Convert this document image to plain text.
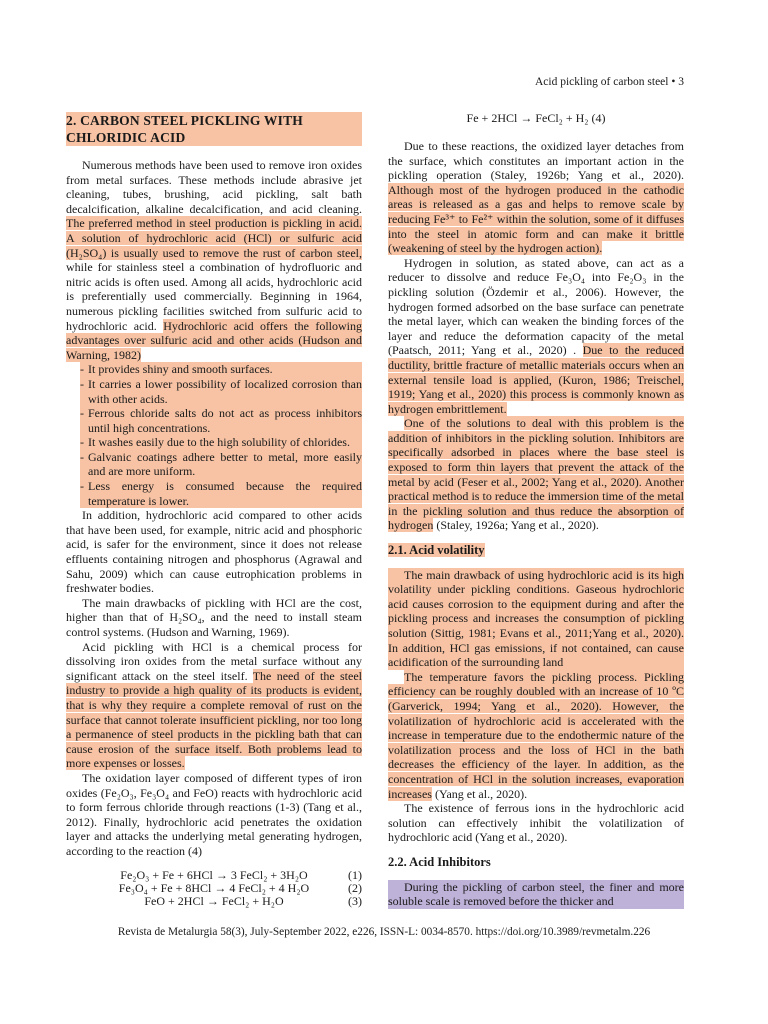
Acid pickling of carbon steel • 3
2. CARBON STEEL PICKLING WITH CHLORIDIC ACID

Numerous methods have been used to remove iron oxides from metal surfaces. These methods include abrasive jet cleaning, tubes, brushing, acid pickling, salt bath decalcification, alkaline decalcification, and acid cleaning. The preferred method in steel production is pickling in acid. A solution of hydrochloric acid (HCl) or sulfuric acid (H₂SO₄) is usually used to remove the rust of carbon steel, while for stainless steel a combination of hydrofluoric and nitric acids is often used. Among all acids, hydrochloric acid is preferentially used commercially. Beginning in 1964, numerous pickling facilities switched from sulfuric acid to hydrochloric acid. Hydrochloric acid offers the following advantages over sulfuric acid and other acids (Hudson and Warning, 1982)

- It provides shiny and smooth surfaces.
- It carries a lower possibility of localized corrosion than with other acids.
- Ferrous chloride salts do not act as process inhibitors until high concentrations.
- It washes easily due to the high solubility of chlorides.
- Galvanic coatings adhere better to metal, more easily and are more uniform.
- Less energy is consumed because the required temperature is lower.

In addition, hydrochloric acid compared to other acids that have been used, for example, nitric acid and phosphoric acid, is safer for the environment, since it does not release effluents containing nitrogen and phosphorus (Agrawal and Sahu, 2009) which can cause eutrophication problems in freshwater bodies.

The main drawbacks of pickling with HCl are the cost, higher than that of H₂SO₄, and the need to install steam control systems. (Hudson and Warning, 1969).

Acid pickling with HCl is a chemical process for dissolving iron oxides from the metal surface without any significant attack on the steel itself. The need of the steel industry to provide a high quality of its products is evident, that is why they require a complete removal of rust on the surface that cannot tolerate insufficient pickling, nor too long a permanence of steel products in the pickling bath that can cause erosion of the surface itself. Both problems lead to more expenses or losses.

The oxidation layer composed of different types of iron oxides (Fe₂O₃, Fe₃O₄ and FeO) reacts with hydrochloric acid to form ferrous chloride through reactions (1-3) (Tang et al., 2012). Finally, hydrochloric acid penetrates the oxidation layer and attacks the underlying metal generating hydrogen, according to the reaction (4)

Fe₂O₃ + Fe + 6HCl → 3 FeCl₂ + 3H₂O	(1)
Fe₃O₄ + Fe + 8HCl → 4 FeCl₂ + 4 H₂O	(2)
FeO + 2HCl → FeCl₂ + H₂O	(3)
Fe + 2HCl → FeCl₂ + H₂ (4)

Due to these reactions, the oxidized layer detaches from the surface, which constitutes an important action in the pickling operation (Staley, 1926b; Yang et al., 2020). Although most of the hydrogen produced in the cathodic areas is released as a gas and helps to remove scale by reducing Fe³⁺ to Fe²⁺ within the solution, some of it diffuses into the steel in atomic form and can make it brittle (weakening of steel by the hydrogen action).

Hydrogen in solution, as stated above, can act as a reducer to dissolve and reduce Fe₃O₄ into Fe₂O₃ in the pickling solution (Özdemir et al., 2006). However, the hydrogen formed adsorbed on the base surface can penetrate the metal layer, which can weaken the binding forces of the layer and reduce the deformation capacity of the metal (Paatsch, 2011; Yang et al., 2020) . Due to the reduced ductility, brittle fracture of metallic materials occurs when an external tensile load is applied, (Kuron, 1986; Treischel, 1919; Yang et al., 2020) this process is commonly known as hydrogen embrittlement.

One of the solutions to deal with this problem is the addition of inhibitors in the pickling solution. Inhibitors are specifically adsorbed in places where the base steel is exposed to form thin layers that prevent the attack of the metal by acid (Feser et al., 2002; Yang et al., 2020). Another practical method is to reduce the immersion time of the metal in the pickling solution and thus reduce the absorption of hydrogen (Staley, 1926a; Yang et al., 2020).

2.1. Acid volatility

The main drawback of using hydrochloric acid is its high volatility under pickling conditions. Gaseous hydrochloric acid causes corrosion to the equipment during and after the pickling process and increases the consumption of pickling solution (Sittig, 1981; Evans et al., 2011;Yang et al., 2020). In addition, HCl gas emissions, if not contained, can cause acidification of the surrounding land

The temperature favors the pickling process. Pickling efficiency can be roughly doubled with an increase of 10 ºC (Garverick, 1994; Yang et al., 2020). However, the volatilization of hydrochloric acid is accelerated with the increase in temperature due to the endothermic nature of the volatilization process and the loss of HCl in the bath decreases the efficiency of the layer. In addition, as the concentration of HCl in the solution increases, evaporation increases (Yang et al., 2020).

The existence of ferrous ions in the hydrochloric acid solution can effectively inhibit the volatilization of hydrochloric acid (Yang et al., 2020).

2.2. Acid Inhibitors

During the pickling of carbon steel, the finer and more soluble scale is removed before the thicker and

Revista de Metalurgia 58(3), July-September 2022, e226, ISSN-L: 0034-8570. https://doi.org/10.3989/revmetalm.226
